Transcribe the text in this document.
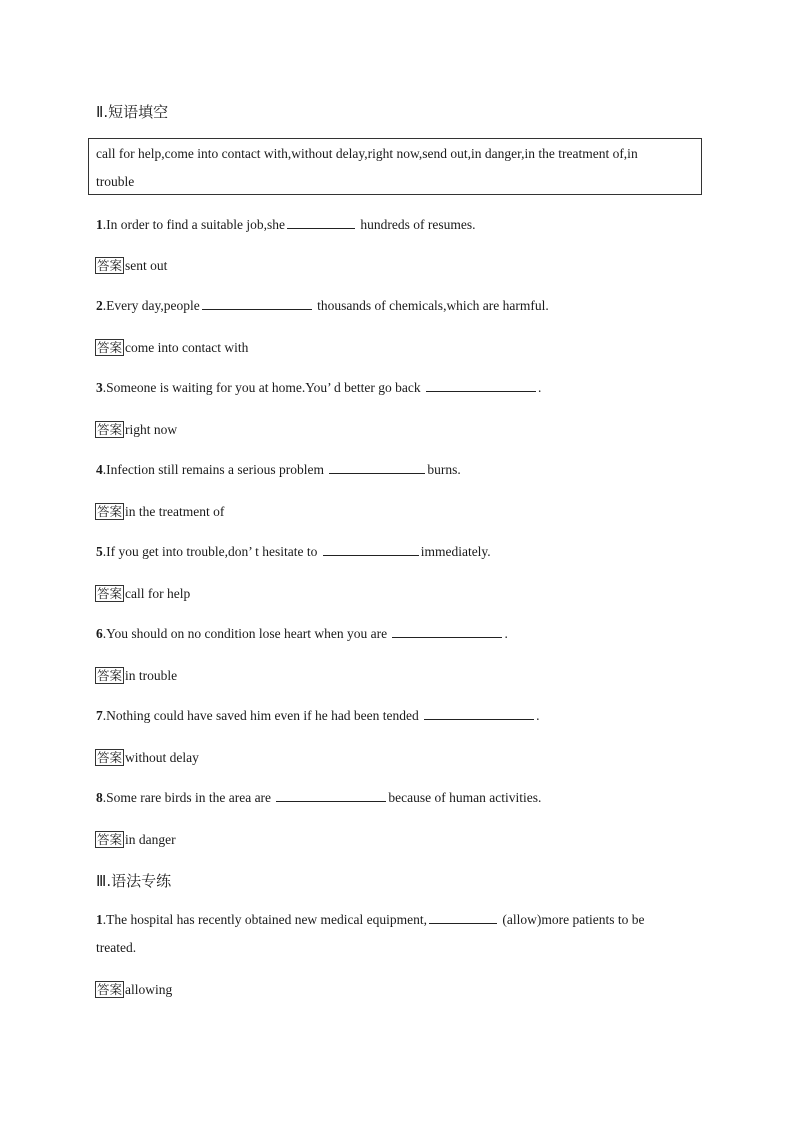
Ⅱ.短语填空
call for help,come into contact with,without delay,right now,send out,in danger,in the treatment of,in
trouble
1.In order to find a suitable job,she	hundreds of resumes.
答案 sent out
2.Every day,people	thousands of chemicals,which are harmful.
答案 come into contact with
3.Someone is waiting for you at home.You’ d better go back	.
答案 right now
4.Infection still remains a serious problem	burns.
答案 in the treatment of
5.If you get into trouble,don’ t hesitate to	immediately.
答案 call for help
6.You should on no condition lose heart when you are	.
答案 in trouble
7.Nothing could have saved him even if he had been tended	.
答案 without delay
8.Some rare birds in the area are	because of human activities.
答案 in danger
Ⅲ.语法专练
1.The hospital has recently obtained new medical equipment,	(allow)more patients to be
treated.
答案 allowing
